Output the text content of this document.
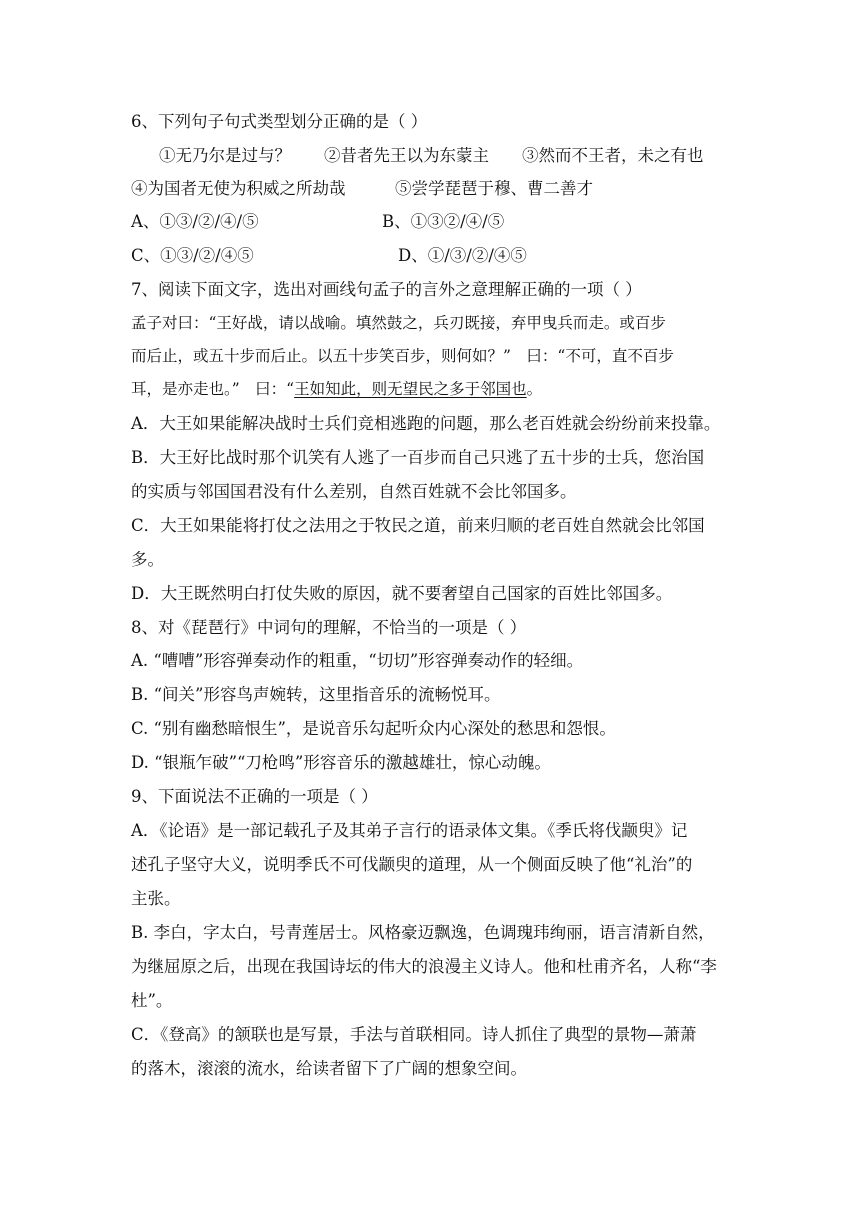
6、下列句子句式类型划分正确的是（ ）
①无乃尔是过与？　　②昔者先王以为东蒙主　　③然而不王者，未之有也
④为国者无使为积威之所劫哉　　　⑤尝学琵琶于穆、曹二善才
A、①③/②/④/⑤	B、①③②/④/⑤
C、①③/②/④⑤	D、①/③/②/④⑤
7、阅读下面文字，选出对画线句孟子的言外之意理解正确的一项（ ）
孟子对曰：“王好战，请以战喻。填然鼓之，兵刃既接，弃甲曳兵而走。或百步
而后止，或五十步而后止。以五十步笑百步，则何如？”　曰：“不可，直不百步
耳，是亦走也。”　曰：“王如知此，则无望民之多于邻国也。
A．大王如果能解决战时士兵们竞相逃跑的问题，那么老百姓就会纷纷前来投靠。
B．大王好比战时那个讥笑有人逃了一百步而自己只逃了五十步的士兵，您治国
的实质与邻国国君没有什么差别，自然百姓就不会比邻国多。
C．大王如果能将打仗之法用之于牧民之道，前来归顺的老百姓自然就会比邻国
多。
D．大王既然明白打仗失败的原因，就不要奢望自己国家的百姓比邻国多。
8、对《琵琶行》中词句的理解，不恰当的一项是（ ）
A. “嘈嘈”形容弹奏动作的粗重，“切切”形容弹奏动作的轻细。
B. “间关”形容鸟声婉转，这里指音乐的流畅悦耳。
C. “别有幽愁暗恨生”，是说音乐勾起听众内心深处的愁思和怨恨。
D. “银瓶乍破”“刀枪鸣”形容音乐的激越雄壮，惊心动魄。
9、下面说法不正确的一项是（ ）
A．《论语》是一部记载孔子及其弟子言行的语录体文集。《季氏将伐颛臾》记
述孔子坚守大义，说明季氏不可伐颛臾的道理，从一个侧面反映了他“礼治”的
主张。
B. 李白，字太白，号青莲居士。风格豪迈飘逸，色调瑰玮绚丽，语言清新自然，
为继屈原之后，出现在我国诗坛的伟大的浪漫主义诗人。他和杜甫齐名，人称“李
杜”。
C．《登高》的颔联也是写景，手法与首联相同。诗人抓住了典型的景物—萧萧
的落木，滚滚的流水，给读者留下了广阔的想象空间。
